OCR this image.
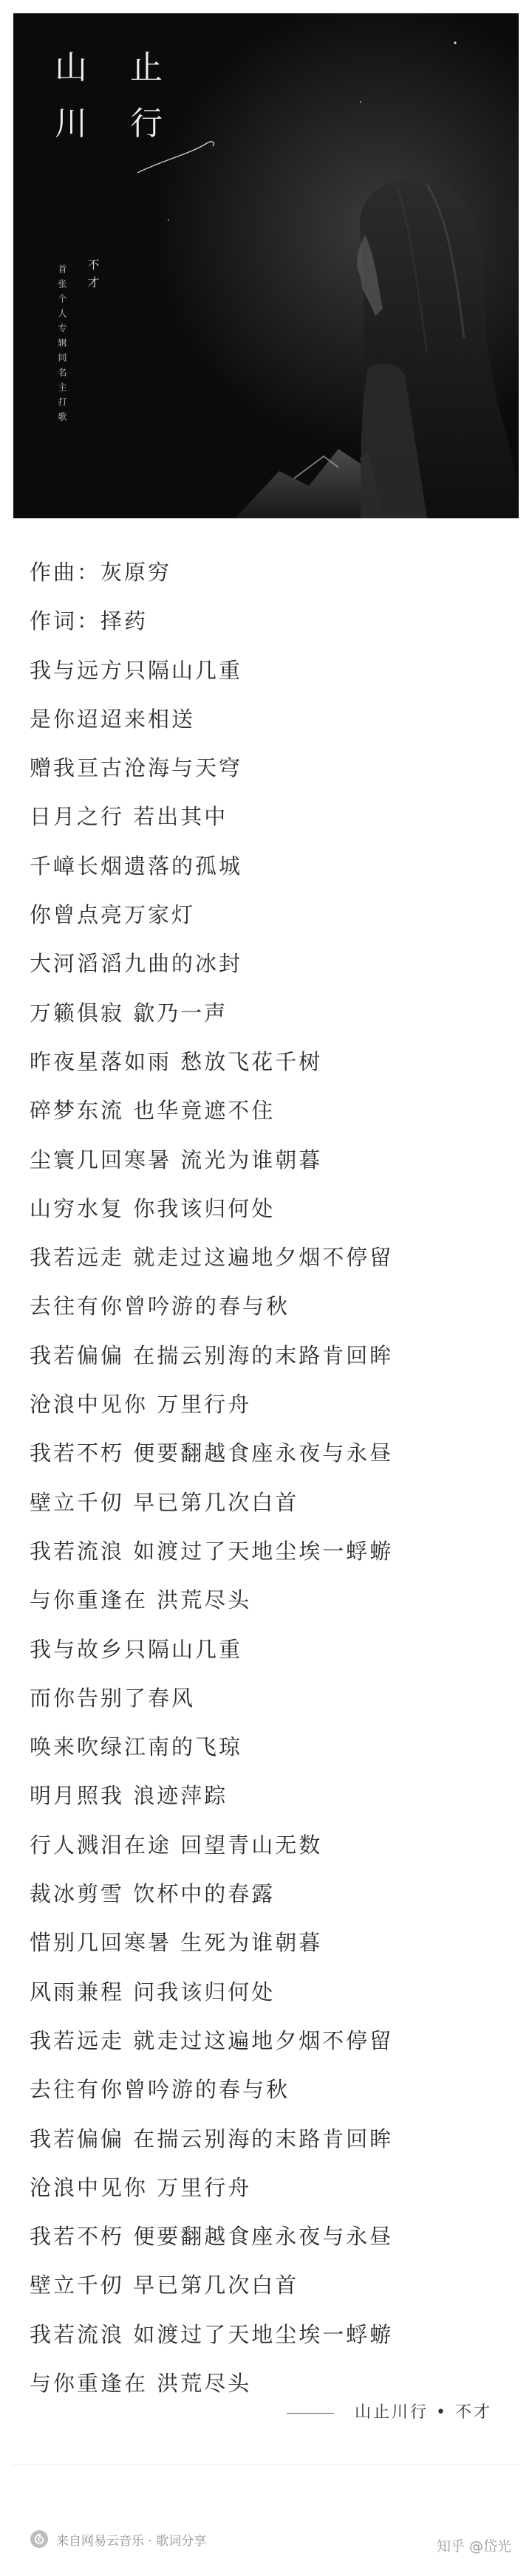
山 止
川 行
不才
首张个人专辑同名主打歌
作曲：灰原穷
作词：择药
我与远方只隔山几重
是你迢迢来相送
赠我亘古沧海与天穹
日月之行 若出其中
千嶂长烟遗落的孤城
你曾点亮万家灯
大河滔滔九曲的冰封
万籁俱寂 歙乃一声
昨夜星落如雨 愁放飞花千树
碎梦东流 也华竟遮不住
尘寰几回寒暑 流光为谁朝暮
山穷水复 你我该归何处
我若远走 就走过这遍地夕烟不停留
去往有你曾吟游的春与秋
我若偏偏 在揣云别海的末路肯回眸
沧浪中见你 万里行舟
我若不朽 便要翻越食座永夜与永昼
壁立千仞 早已第几次白首
我若流浪 如渡过了天地尘埃一蜉蝣
与你重逢在 洪荒尽头
我与故乡只隔山几重
而你告别了春风
唤来吹绿江南的飞琼
明月照我 浪迹萍踪
行人溅泪在途 回望青山无数
裁冰剪雪 饮杯中的春露
惜别几回寒暑 生死为谁朝暮
风雨兼程 问我该归何处
我若远走 就走过这遍地夕烟不停留
去往有你曾吟游的春与秋
我若偏偏 在揣云别海的末路肯回眸
沧浪中见你 万里行舟
我若不朽 便要翻越食座永夜与永昼
壁立千仞 早已第几次白首
我若流浪 如渡过了天地尘埃一蜉蝣
与你重逢在 洪荒尽头
山止川行 • 不才
来自网易云音乐 · 歌词分享	知乎 @岱光
